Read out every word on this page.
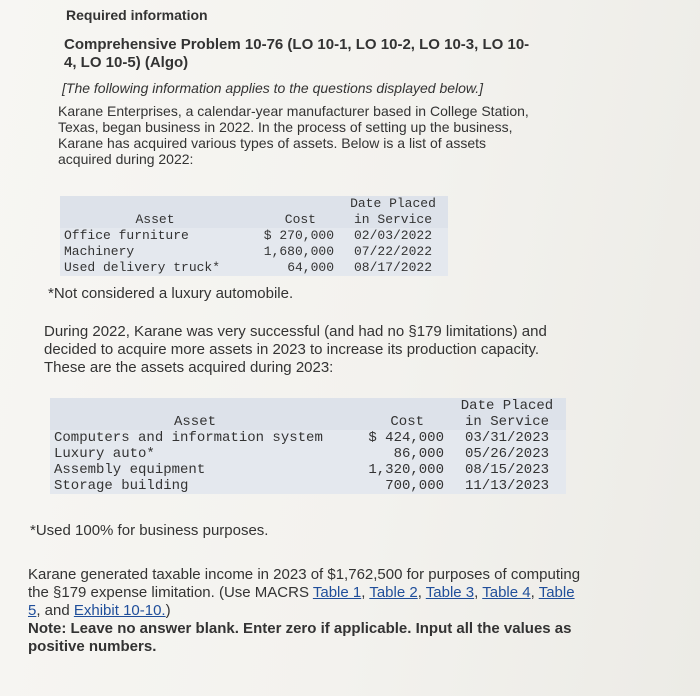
Required information
Comprehensive Problem 10-76 (LO 10-1, LO 10-2, LO 10-3, LO 10-4, LO 10-5) (Algo)
[The following information applies to the questions displayed below.]
Karane Enterprises, a calendar-year manufacturer based in College Station, Texas, began business in 2022. In the process of setting up the business, Karane has acquired various types of assets. Below is a list of assets acquired during 2022:
Asset	Cost	Date Placed in Service
Office furniture	$ 270,000	02/03/2022
Machinery	1,680,000	07/22/2022
Used delivery truck*	64,000	08/17/2022
*Not considered a luxury automobile.
During 2022, Karane was very successful (and had no §179 limitations) and decided to acquire more assets in 2023 to increase its production capacity. These are the assets acquired during 2023:
Asset	Cost	Date Placed in Service
Computers and information system	$ 424,000	03/31/2023
Luxury auto*	86,000	05/26/2023
Assembly equipment	1,320,000	08/15/2023
Storage building	700,000	11/13/2023
*Used 100% for business purposes.
Karane generated taxable income in 2023 of $1,762,500 for purposes of computing the §179 expense limitation. (Use MACRS Table 1, Table 2, Table 3, Table 4, Table 5, and Exhibit 10-10.)
Note: Leave no answer blank. Enter zero if applicable. Input all the values as positive numbers.
